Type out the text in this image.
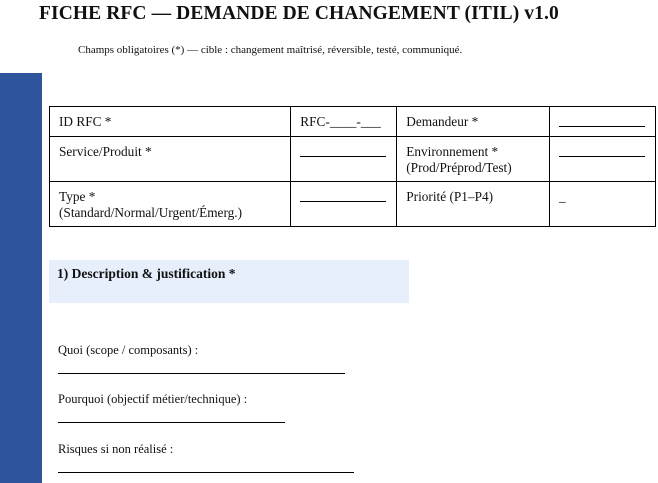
FICHE RFC — DEMANDE DE CHANGEMENT (ITIL) v1.0
Champs obligatoires (*) — cible : changement maîtrisé, réversible, testé, communiqué.
ID RFC *	RFC-____-___	Demandeur *	
Service/Produit *		Environnement *
(Prod/Préprod/Test)	
Type *
(Standard/Normal/Urgent/Émerg.)		Priorité (P1–P4)	_
1) Description & justification *
Quoi (scope / composants) :
Pourquoi (objectif métier/technique) :
Risques si non réalisé :
